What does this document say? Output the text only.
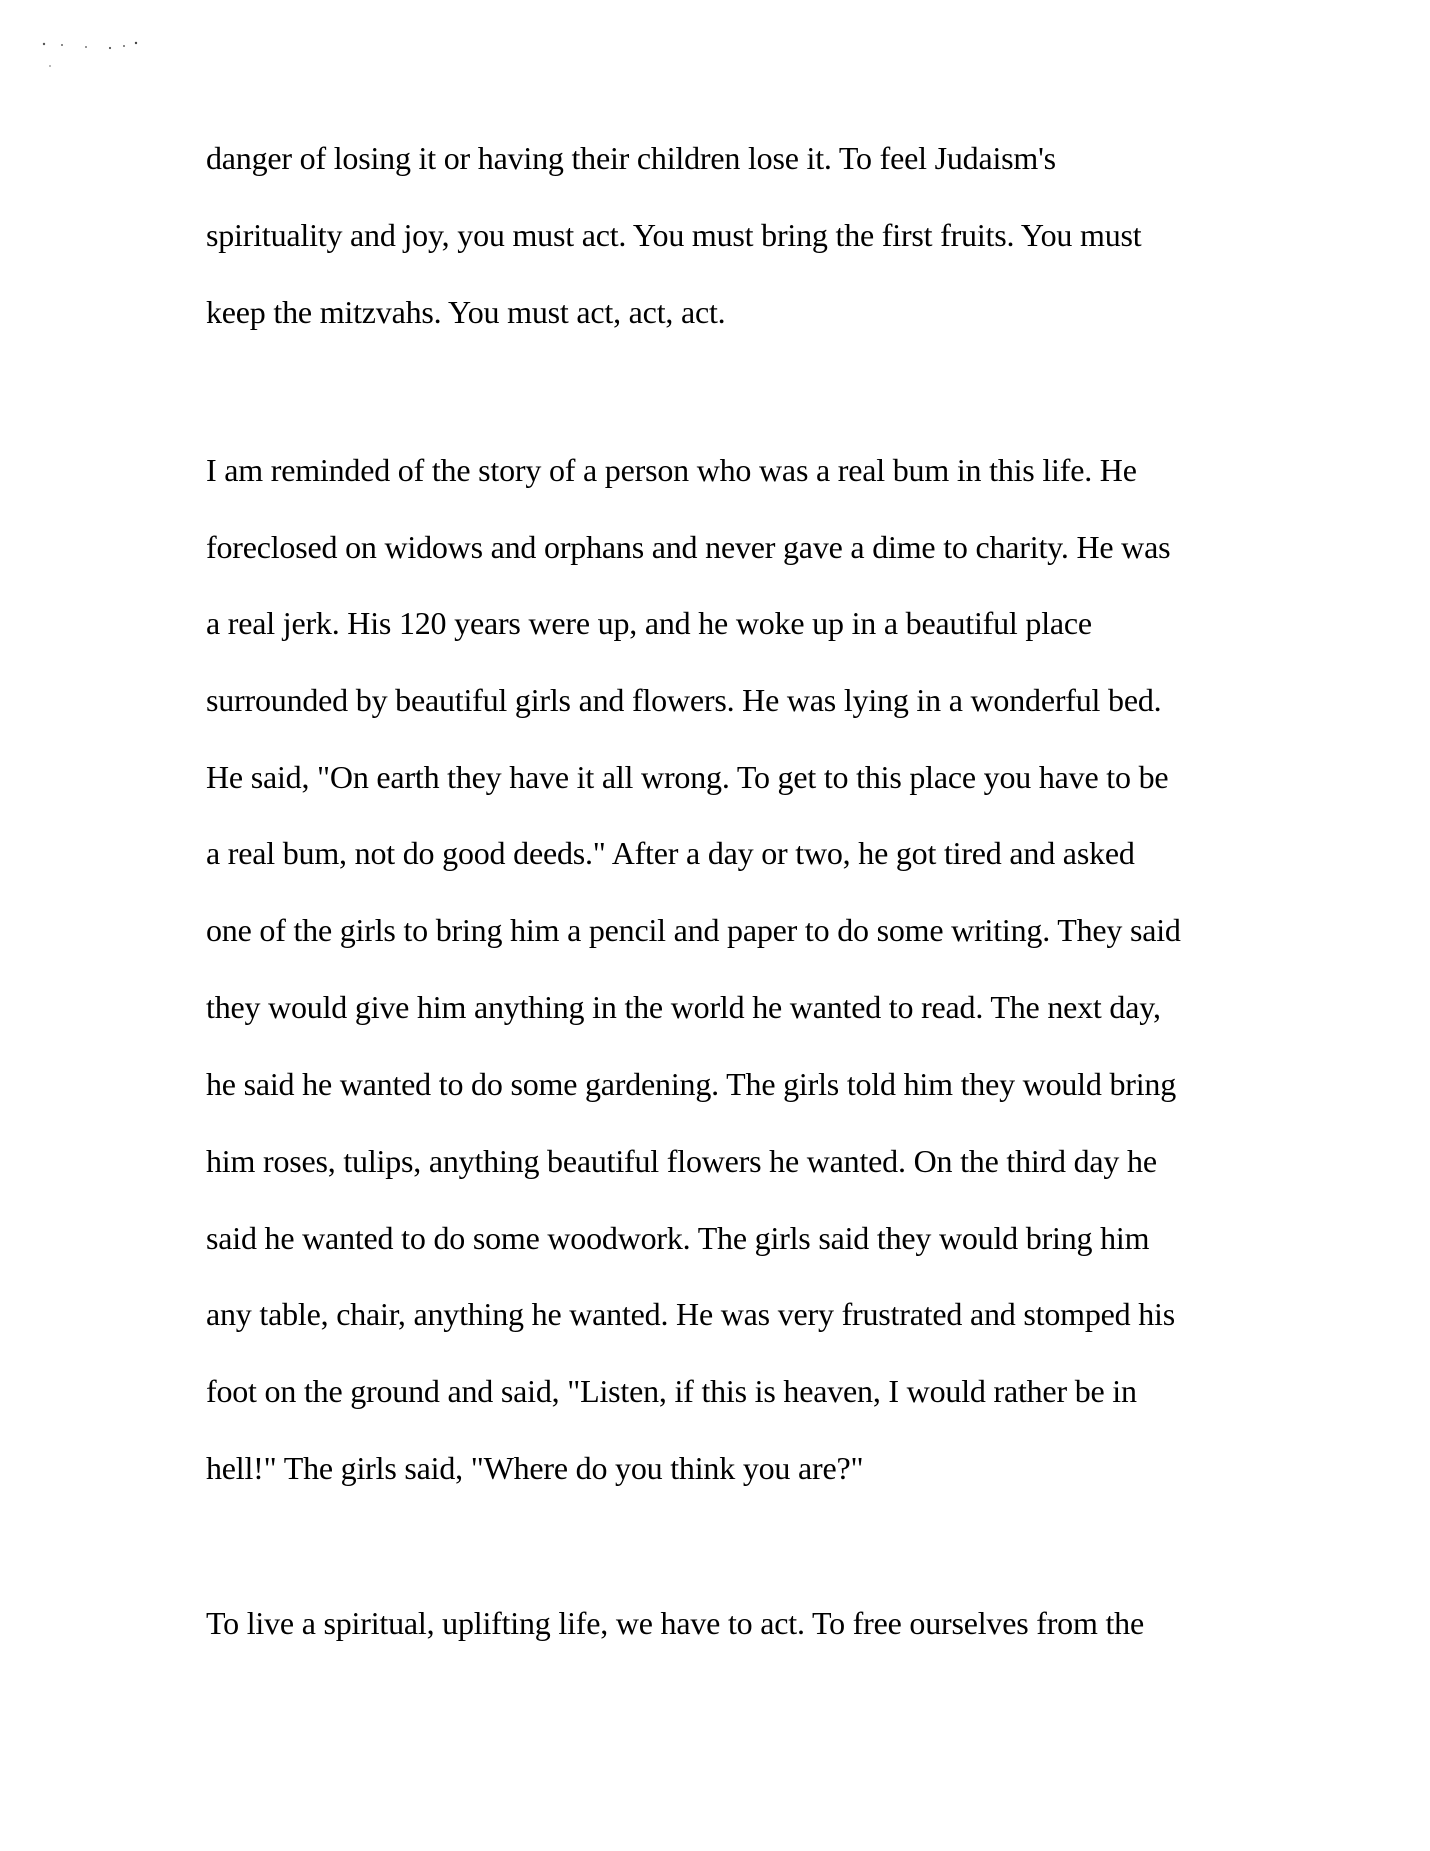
danger of losing it or having their children lose it. To feel Judaism's
spirituality and joy, you must act. You must bring the first fruits. You must
keep the mitzvahs. You must act, act, act.
I am reminded of the story of a person who was a real bum in this life. He
foreclosed on widows and orphans and never gave a dime to charity. He was
a real jerk. His 120 years were up, and he woke up in a beautiful place
surrounded by beautiful girls and flowers. He was lying in a wonderful bed.
He said, "On earth they have it all wrong. To get to this place you have to be
a real bum, not do good deeds." After a day or two, he got tired and asked
one of the girls to bring him a pencil and paper to do some writing. They said
they would give him anything in the world he wanted to read. The next day,
he said he wanted to do some gardening. The girls told him they would bring
him roses, tulips, anything beautiful flowers he wanted. On the third day he
said he wanted to do some woodwork. The girls said they would bring him
any table, chair, anything he wanted. He was very frustrated and stomped his
foot on the ground and said, "Listen, if this is heaven, I would rather be in
hell!" The girls said, "Where do you think you are?"
To live a spiritual, uplifting life, we have to act. To free ourselves from the
